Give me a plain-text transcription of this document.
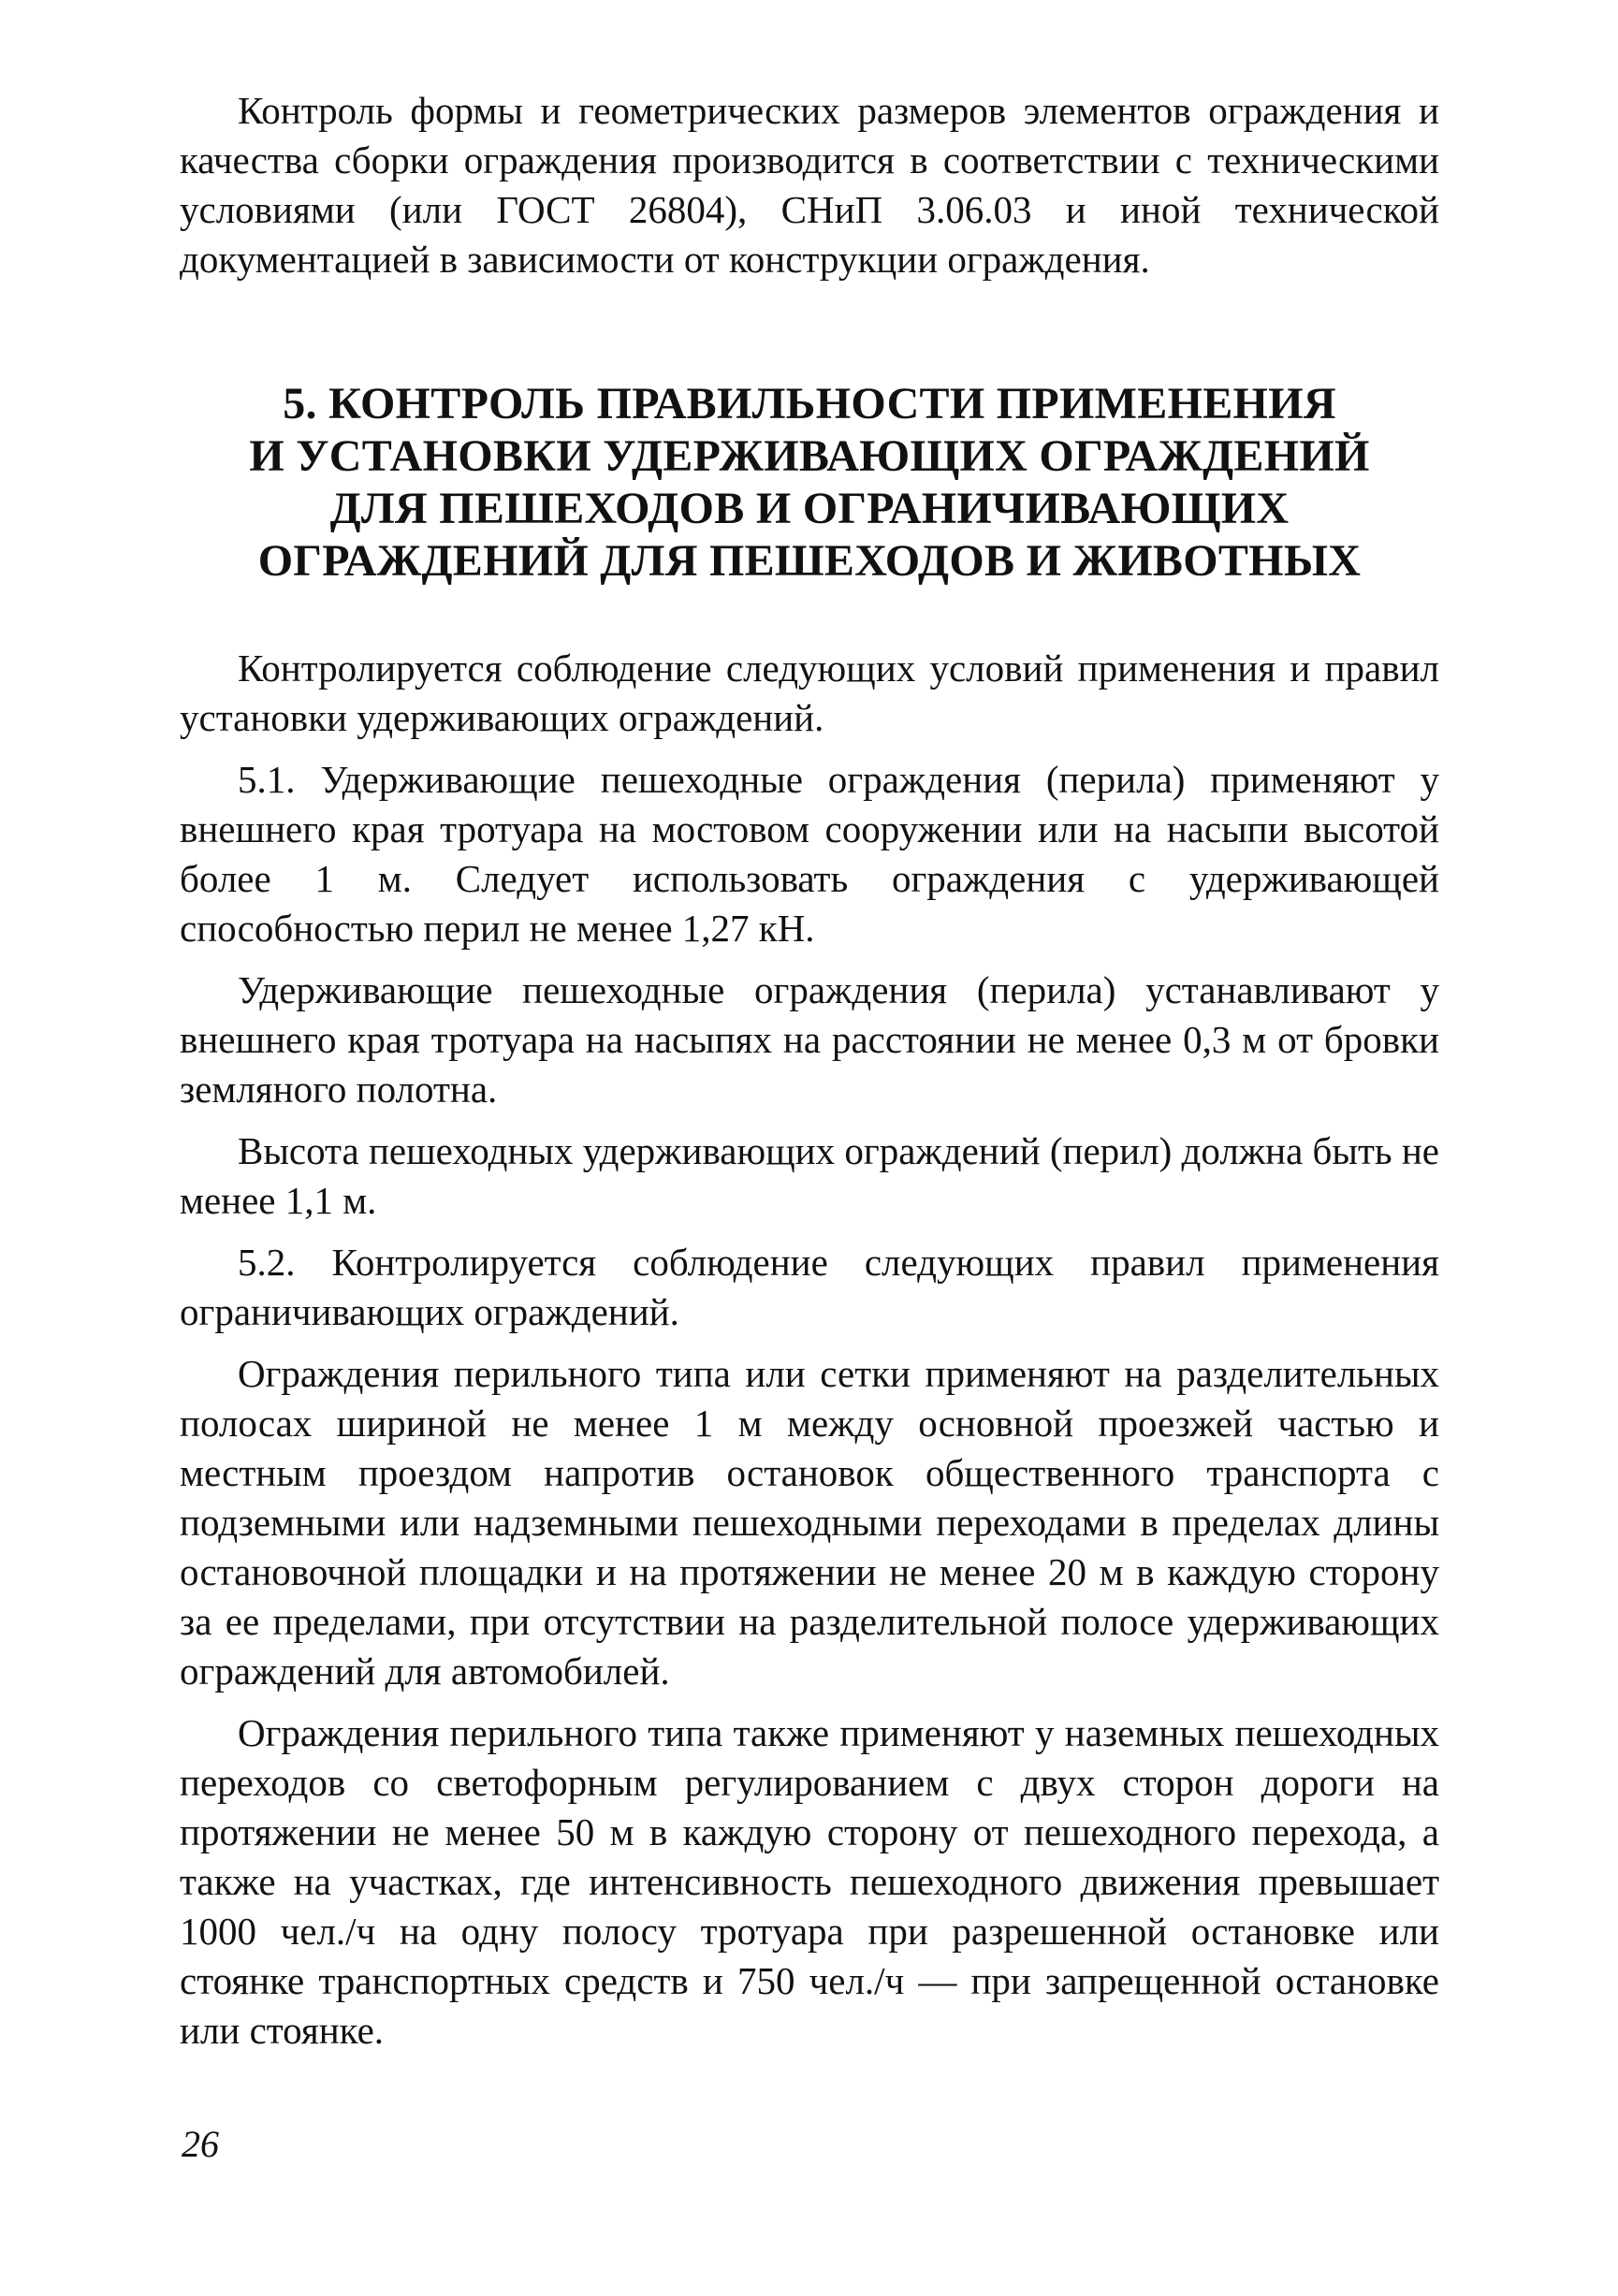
Контроль формы и геометрических размеров элементов ограждения и качества сборки ограждения производится в соответствии с техническими условиями (или ГОСТ 26804), СНиП 3.06.03 и иной технической документацией в зависимости от конструкции ограждения.

5. КОНТРОЛЬ ПРАВИЛЬНОСТИ ПРИМЕНЕНИЯ
И УСТАНОВКИ УДЕРЖИВАЮЩИХ ОГРАЖДЕНИЙ
ДЛЯ ПЕШЕХОДОВ И ОГРАНИЧИВАЮЩИХ
ОГРАЖДЕНИЙ ДЛЯ ПЕШЕХОДОВ И ЖИВОТНЫХ

Контролируется соблюдение следующих условий применения и правил установки удерживающих ограждений.

5.1. Удерживающие пешеходные ограждения (перила) применяют у внешнего края тротуара на мостовом сооружении или на насыпи высотой более 1 м. Следует использовать ограждения с удерживающей способностью перил не менее 1,27 кН.

Удерживающие пешеходные ограждения (перила) устанавливают у внешнего края тротуара на насыпях на расстоянии не менее 0,3 м от бровки земляного полотна.

Высота пешеходных удерживающих ограждений (перил) должна быть не менее 1,1 м.

5.2. Контролируется соблюдение следующих правил применения ограничивающих ограждений.

Ограждения перильного типа или сетки применяют на разделительных полосах шириной не менее 1 м между основной проезжей частью и местным проездом напротив остановок общественного транспорта с подземными или надземными пешеходными переходами в пределах длины остановочной площадки и на протяжении не менее 20 м в каждую сторону за ее пределами, при отсутствии на разделительной полосе удерживающих ограждений для автомобилей.

Ограждения перильного типа также применяют у наземных пешеходных переходов со светофорным регулированием с двух сторон дороги на протяжении не менее 50 м в каждую сторону от пешеходного перехода, а также на участках, где интенсивность пешеходного движения превышает 1000 чел./ч на одну полосу тротуара при разрешенной остановке или стоянке транспортных средств и 750 чел./ч — при запрещенной остановке или стоянке.

26
